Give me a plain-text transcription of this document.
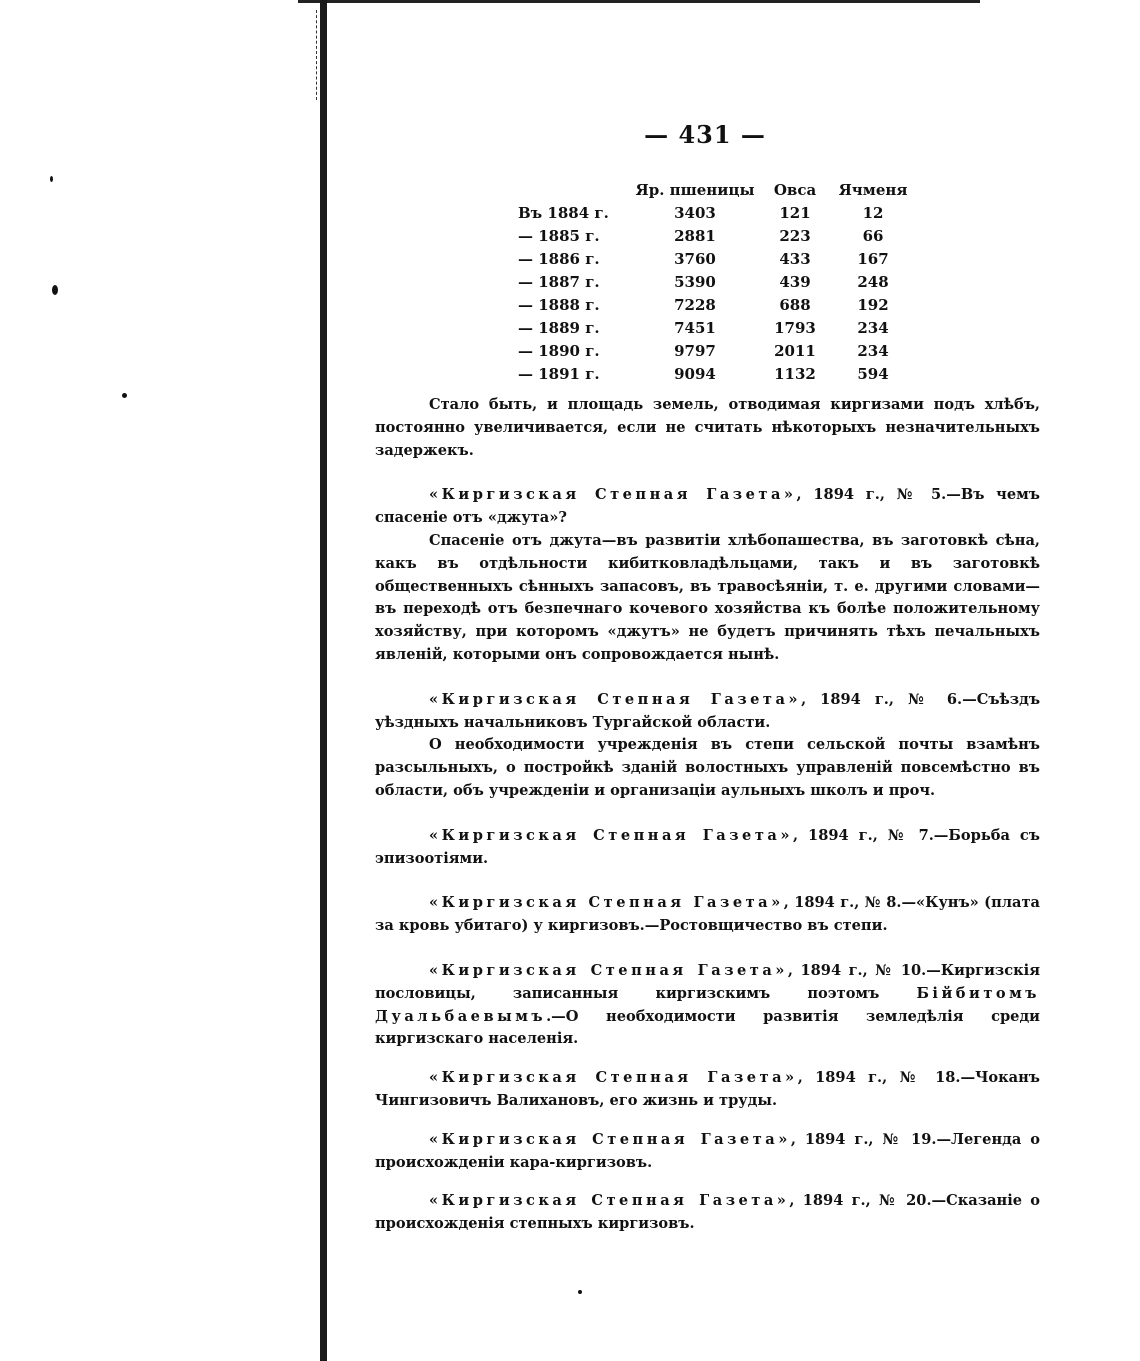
— 431 —
Яр. пшеницы	Овса	Ячменя
Въ 1884 г.	3403	121	12
— 1885 г.	2881	223	66
— 1886 г.	3760	433	167
— 1887 г.	5390	439	248
— 1888 г.	7228	688	192
— 1889 г.	7451	1793	234
— 1890 г.	9797	2011	234
— 1891 г.	9094	1132	594

Стало быть, и площадь земель, отводимая киргизами подъ хлѣбъ, постоянно увеличивается, если не считать нѣкоторыхъ незначительныхъ задержекъ.

«Киргизская Степная Газета», 1894 г., № 5.—Въ чемъ спасеніе отъ «джута»?

Спасеніе отъ джута—въ развитіи хлѣбопашества, въ заготовкѣ сѣна, какъ въ отдѣльности кибитковладѣльцами, такъ и въ заготовкѣ общественныхъ сѣнныхъ запасовъ, въ травосѣяніи, т. е. другими словами—въ переходѣ отъ безпечнаго кочевого хозяйства къ болѣе положительному хозяйству, при которомъ «джутъ» не будетъ причинять тѣхъ печальныхъ явленій, которыми онъ сопровождается нынѣ.

«Киргизская Степная Газета», 1894 г., № 6.—Съѣздъ уѣздныхъ начальниковъ Тургайской области.

О необходимости учрежденія въ степи сельской почты взамѣнъ разсыльныхъ, о постройкѣ зданій волостныхъ управленій повсемѣстно въ области, объ учрежденіи и организаціи аульныхъ школъ и проч.

«Киргизская Степная Газета», 1894 г., № 7.—Борьба съ эпизоотіями.

«Киргизская Степная Газета», 1894 г., № 8.—«Кунъ» (плата за кровь убитаго) у киргизовъ.—Ростовщичество въ степи.

«Киргизская Степная Газета», 1894 г., № 10.—Киргизскія пословицы, записанныя киргизскимъ поэтомъ	Бійбитомъ Дуальбаевымъ.—О необходимости развитія земледѣлія среди киргизскаго населенія.

«Киргизская Степная Газета», 1894 г., № 18.—Чоканъ Чингизовичъ Валихановъ, его жизнь и труды.

«Киргизская Степная Газета», 1894 г., № 19.—Легенда о происхожденіи кара-киргизовъ.

«Киргизская Степная Газета», 1894 г., № 20.—Сказаніе о происхожденія степныхъ киргизовъ.
